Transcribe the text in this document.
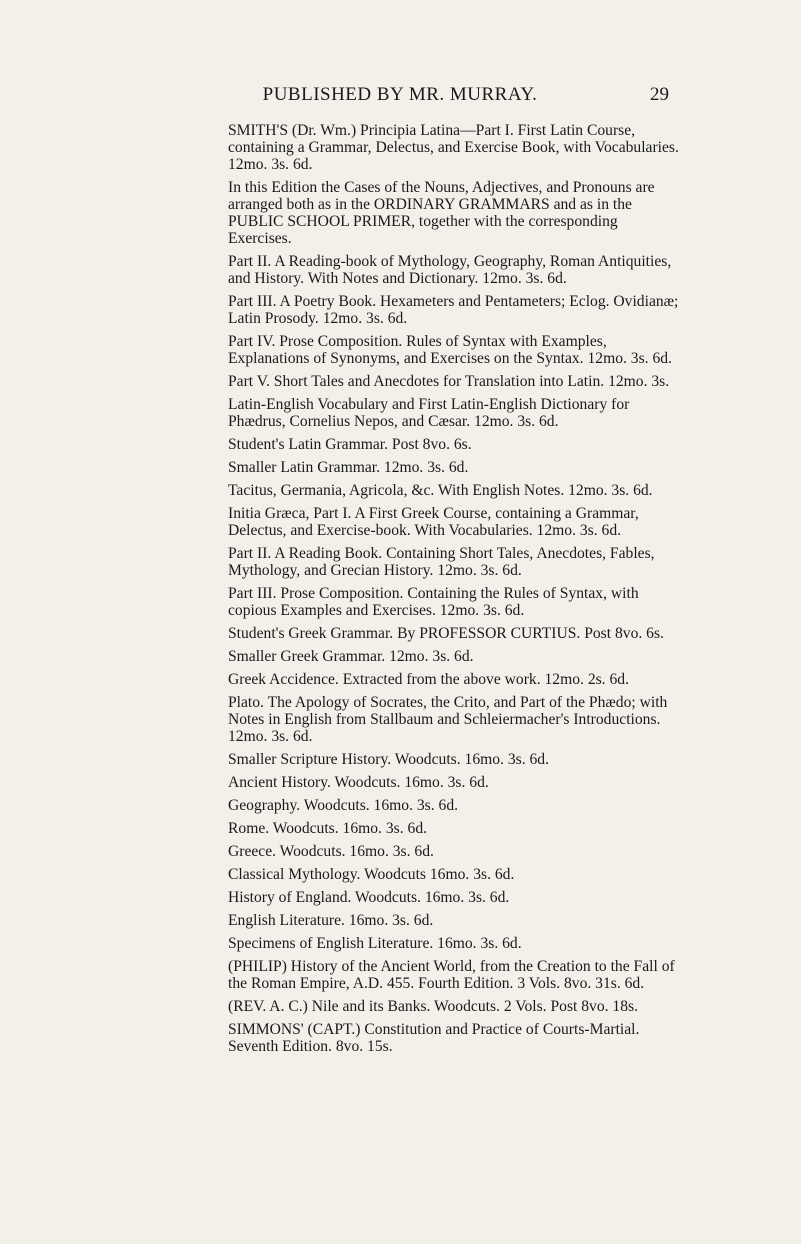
PUBLISHED BY MR. MURRAY.	29

SMITH'S (Dr. Wm.) Principia Latina—Part I. First Latin Course, containing a Grammar, Delectus, and Exercise Book, with Vocabularies. 12mo. 3s. 6d.

In this Edition the Cases of the Nouns, Adjectives, and Pronouns are arranged both as in the ORDINARY GRAMMARS and as in the PUBLIC SCHOOL PRIMER, together with the corresponding Exercises.

Part II. A Reading-book of Mythology, Geography, Roman Antiquities, and History. With Notes and Dictionary. 12mo. 3s. 6d.

Part III. A Poetry Book. Hexameters and Pentameters; Eclog. Ovidianæ; Latin Prosody. 12mo. 3s. 6d.

Part IV. Prose Composition. Rules of Syntax with Examples, Explanations of Synonyms, and Exercises on the Syntax. 12mo. 3s. 6d.

Part V. Short Tales and Anecdotes for Translation into Latin. 12mo. 3s.

Latin-English Vocabulary and First Latin-English Dictionary for Phædrus, Cornelius Nepos, and Cæsar. 12mo. 3s. 6d.

Student's Latin Grammar. Post 8vo. 6s.

Smaller Latin Grammar. 12mo. 3s. 6d.

Tacitus, Germania, Agricola, &c. With English Notes. 12mo. 3s. 6d.

Initia Græca, Part I. A First Greek Course, containing a Grammar, Delectus, and Exercise-book. With Vocabularies. 12mo. 3s. 6d.

Part II. A Reading Book. Containing Short Tales, Anecdotes, Fables, Mythology, and Grecian History. 12mo. 3s. 6d.

Part III. Prose Composition. Containing the Rules of Syntax, with copious Examples and Exercises. 12mo. 3s. 6d.

Student's Greek Grammar. By PROFESSOR CURTIUS. Post 8vo. 6s.

Smaller Greek Grammar. 12mo. 3s. 6d.

Greek Accidence. Extracted from the above work. 12mo. 2s. 6d.

Plato. The Apology of Socrates, the Crito, and Part of the Phædo; with Notes in English from Stallbaum and Schleiermacher's Introductions. 12mo. 3s. 6d.

Smaller Scripture History. Woodcuts. 16mo. 3s. 6d.

Ancient History. Woodcuts. 16mo. 3s. 6d.

Geography. Woodcuts. 16mo. 3s. 6d.

Rome. Woodcuts. 16mo. 3s. 6d.

Greece. Woodcuts. 16mo. 3s. 6d.

Classical Mythology. Woodcuts 16mo. 3s. 6d.

History of England. Woodcuts. 16mo. 3s. 6d.

English Literature. 16mo. 3s. 6d.

Specimens of English Literature. 16mo. 3s. 6d.

(PHILIP) History of the Ancient World, from the Creation to the Fall of the Roman Empire, A.D. 455. Fourth Edition. 3 Vols. 8vo. 31s. 6d.

(REV. A. C.) Nile and its Banks. Woodcuts. 2 Vols. Post 8vo. 18s.

SIMMONS' (CAPT.) Constitution and Practice of Courts-Martial. Seventh Edition. 8vo. 15s.
